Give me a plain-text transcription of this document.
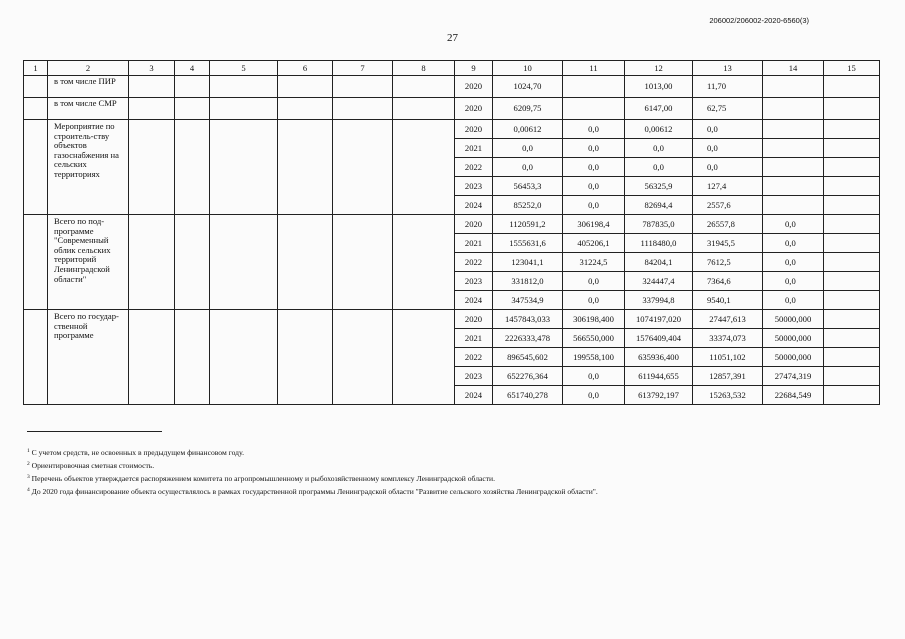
206002/206002-2020-6560(3)
27
1	2	3	4	5	6	7	8	9	10	11	12	13	14	15
	в том числе ПИР							2020	1024,70		1013,00	11,70		
	в том числе СМР							2020	6209,75		6147,00	62,75		
	Мероприятие по строитель-ству объектов газоснабжения на сельских территориях							2020	0,00612	0,0	0,00612	0,0		
								2021	0,0	0,0	0,0	0,0		
								2022	0,0	0,0	0,0	0,0		
								2023	56453,3	0,0	56325,9	127,4		
								2024	85252,0	0,0	82694,4	2557,6		
	Всего по под-программе "Современный облик сельских территорий Ленинградской области"							2020	1120591,2	306198,4	787835,0	26557,8	0,0	
								2021	1555631,6	405206,1	1118480,0	31945,5	0,0	
								2022	123041,1	31224,5	84204,1	7612,5	0,0	
								2023	331812,0	0,0	324447,4	7364,6	0,0	
								2024	347534,9	0,0	337994,8	9540,1	0,0	
	Всего по государ-ственной программе							2020	1457843,033	306198,400	1074197,020	27447,613	50000,000	
								2021	2226333,478	566550,000	1576409,404	33374,073	50000,000	
								2022	896545,602	199558,100	635936,400	11051,102	50000,000	
								2023	652276,364	0,0	611944,655	12857,391	27474,319	
								2024	651740,278	0,0	613792,197	15263,532	22684,549	
$^1$ С учетом средств, не освоенных в предыдущем финансовом году.
$^2$ Ориентировочная сметная стоимость.
$^3$ Перечень объектов утверждается распоряжением комитета по агропромышленному и рыбохозяйственному комплексу Ленинградской области.
$^4$ До 2020 года финансирование объекта осуществлялось в рамках государственной программы Ленинградской области "Развитие сельского хозяйства Ленинградской области".
